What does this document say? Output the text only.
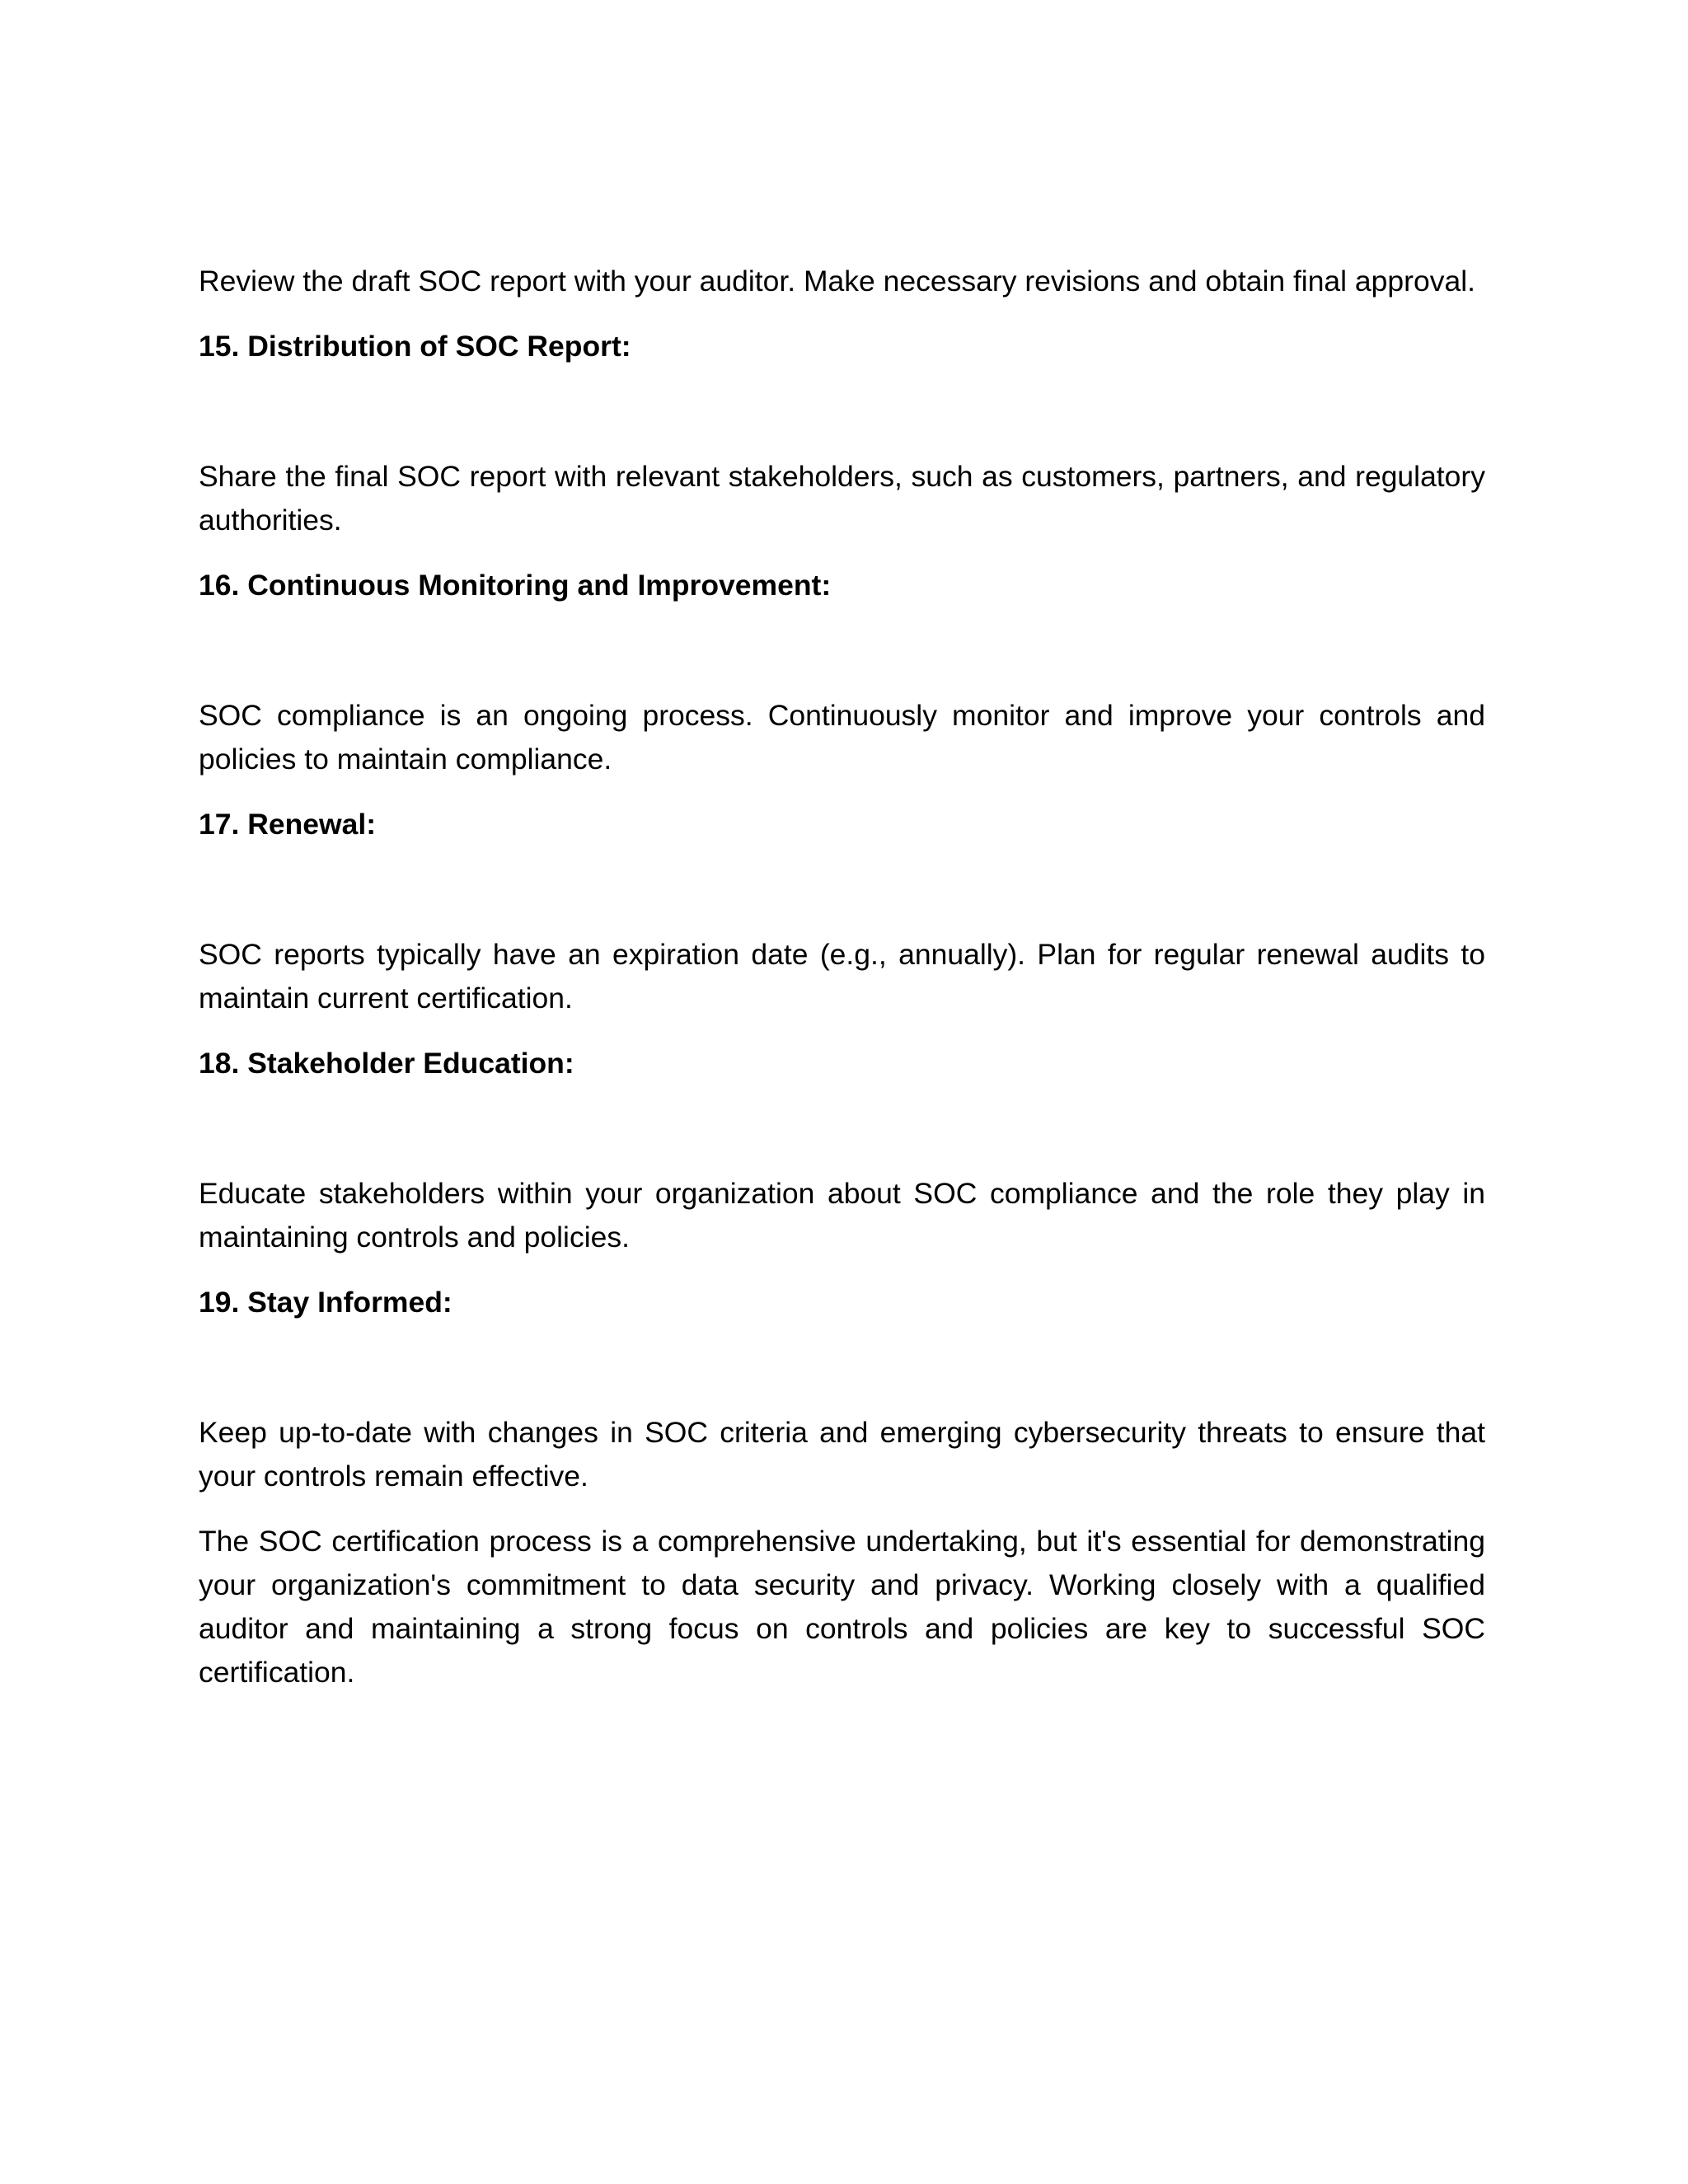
Review the draft SOC report with your auditor. Make necessary revisions and obtain final approval.

15. Distribution of SOC Report:

Share the final SOC report with relevant stakeholders, such as customers, partners, and regulatory authorities.

16. Continuous Monitoring and Improvement:

SOC compliance is an ongoing process. Continuously monitor and improve your controls and policies to maintain compliance.

17. Renewal:

SOC reports typically have an expiration date (e.g., annually). Plan for regular renewal audits to maintain current certification.

18. Stakeholder Education:

Educate stakeholders within your organization about SOC compliance and the role they play in maintaining controls and policies.

19. Stay Informed:

Keep up-to-date with changes in SOC criteria and emerging cybersecurity threats to ensure that your controls remain effective.

The SOC certification process is a comprehensive undertaking, but it's essential for demonstrating your organization's commitment to data security and privacy. Working closely with a qualified auditor and maintaining a strong focus on controls and policies are key to successful SOC certification.
